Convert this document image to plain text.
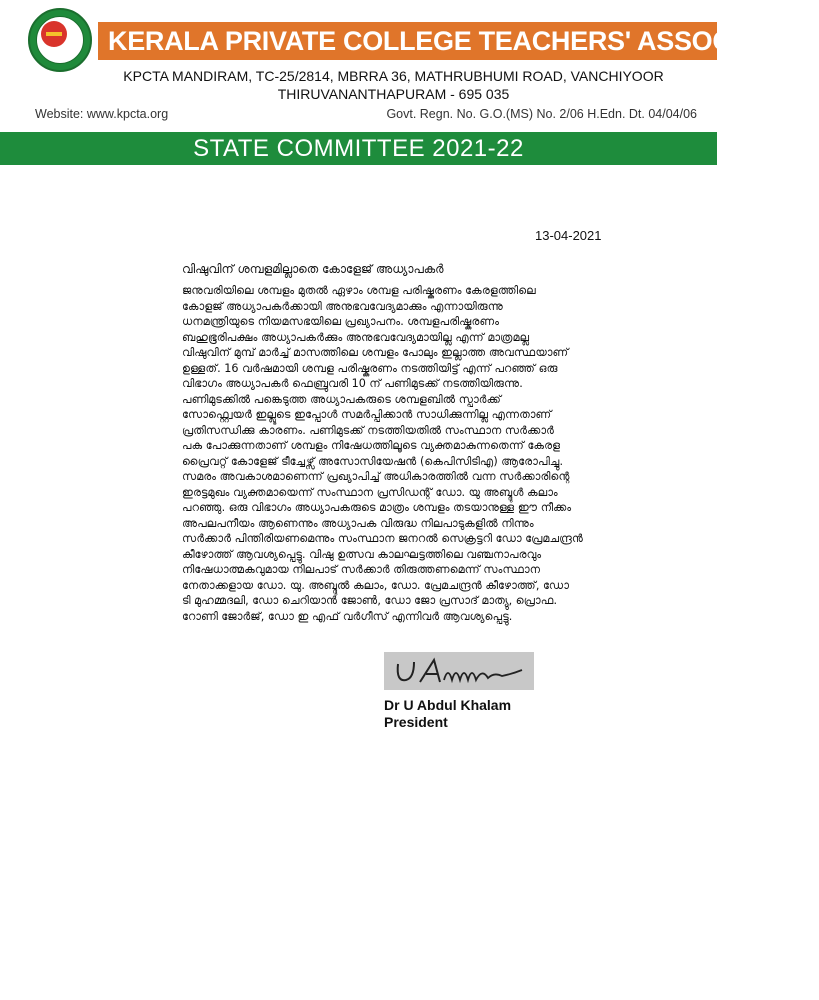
KERALA PRIVATE COLLEGE TEACHERS' ASSOCIATION
KPCTA MANDIRAM, TC-25/2814, MBRRA 36, MATHRUBHUMI ROAD, VANCHIYOOR
THIRUVANANTHAPURAM - 695 035
Website: www.kpcta.org	Govt. Regn. No. G.O.(MS) No. 2/06 H.Edn. Dt. 04/04/06
STATE COMMITTEE 2021-22
13-04-2021
വിഷുവിന് ശമ്പളമില്ലാതെ കോളേജ് അധ്യാപകർ
ജനുവരിയിലെ ശമ്പളം മുതൽ ഏഴാം ശമ്പള പരിഷ്കരണം കേരളത്തിലെ
കോളജ് അധ്യാപകർക്കായി അനുഭവവേദ്യമാക്കും എന്നായിരുന്നു
ധനമന്ത്രിയുടെ നിയമസഭയിലെ പ്രഖ്യാപനം. ശമ്പളപരിഷ്കരണം
ബഹുഭൂരിപക്ഷം അധ്യാപകർക്കും അനുഭവവേദ്യമായില്ല എന്ന് മാത്രമല്ല
വിഷുവിന് മുമ്പ് മാർച്ച് മാസത്തിലെ ശമ്പളം പോലും ഇല്ലാത്ത അവസ്ഥയാണ്
ഉള്ളത്. 16 വർഷമായി ശമ്പള പരിഷ്കരണം നടത്തിയിട്ട് എന്ന് പറഞ്ഞ് ഒരു
വിഭാഗം അധ്യാപകർ ഫെബ്രുവരി 10 ന് പണിമുടക്ക് നടത്തിയിരുന്നു.
പണിമുടക്കിൽ പങ്കെടുത്ത അധ്യാപകരുടെ ശമ്പളബിൽ സ്പാർക്ക്
സോഫ്റ്റ്വെയർ ഇല്ലൂടെ ഇപ്പോൾ സമർപ്പിക്കാൻ സാധിക്കുന്നില്ല എന്നതാണ്
പ്രതിസന്ധിക്കു കാരണം. പണിമുടക്ക് നടത്തിയതിൽ സംസ്ഥാന സർക്കാർ
പക പോക്കുന്നതാണ് ശമ്പളം നിഷേധത്തിലൂടെ വ്യക്തമാകുന്നതെന്ന് കേരള
പ്രൈവറ്റ് കോളേജ് ടീച്ചേഴ്സ് അസോസിയേഷൻ (കെപിസിടിഎ) ആരോപിച്ചു.
സമരം അവകാശമാണെന്ന് പ്രഖ്യാപിച്ച് അധികാരത്തിൽ വന്ന സർക്കാരിന്റെ
ഇരട്ടമുഖം വ്യക്തമായെന്ന് സംസ്ഥാന പ്രസിഡന്റ് ഡോ. യു അബ്ദുൾ കലാം
പറഞ്ഞു. ഒരു വിഭാഗം അധ്യാപകരുടെ മാത്രം ശമ്പളം തടയാനുള്ള ഈ നീക്കം
അപലപനീയം ആണെന്നും അധ്യാപക വിരുദ്ധ നിലപാടുകളിൽ നിന്നും
സർക്കാർ പിന്തിരിയണമെന്നും സംസ്ഥാന ജനറൽ സെക്രട്ടറി ഡോ പ്രേമചന്ദ്രൻ
കീഴോത്ത് ആവശ്യപ്പെട്ടു. വിഷു ഉത്സവ കാലഘട്ടത്തിലെ വഞ്ചനാപരവും
നിഷേധാത്മകവുമായ നിലപാട് സർക്കാർ തിരുത്തണമെന്ന് സംസ്ഥാന
നേതാക്കളായ ഡോ. യു. അബ്ദുൽ കലാം, ഡോ. പ്രേമചന്ദ്രൻ കീഴോത്ത്, ഡോ
ടി മുഹമ്മദലി, ഡോ ചെറിയാൻ ജോൺ, ഡോ ജോ പ്രസാദ് മാത്യു, പ്രൊഫ.
റോണി ജോർജ്, ഡോ ഇ എഫ് വർഗീസ് എന്നിവർ ആവശ്യപ്പെട്ടു.
Dr U Abdul Khalam
President
